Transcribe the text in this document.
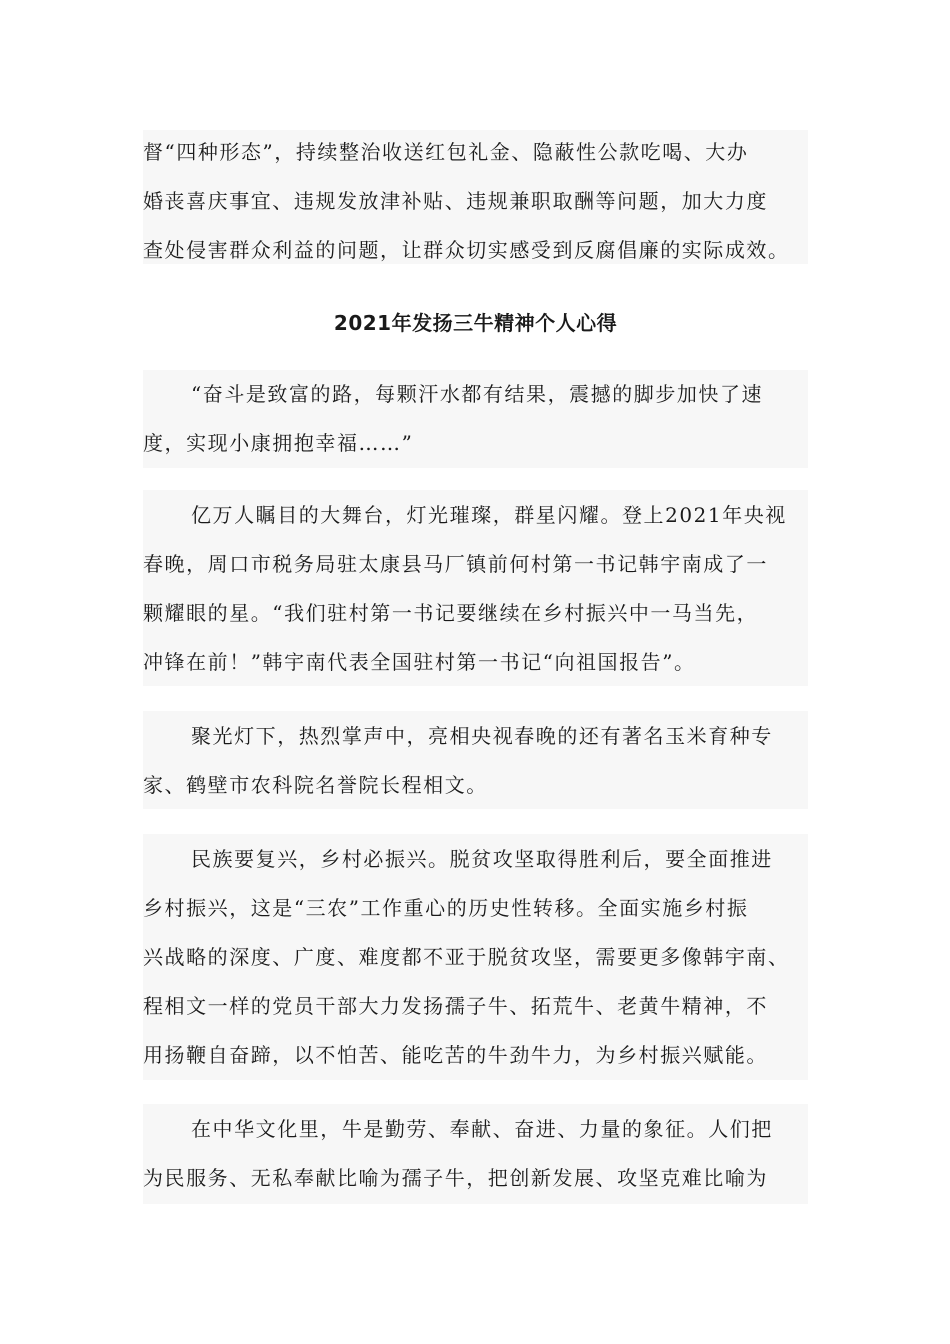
督“四种形态”，持续整治收送红包礼金、隐蔽性公款吃喝、大办
婚丧喜庆事宜、违规发放津补贴、违规兼职取酬等问题，加大力度
查处侵害群众利益的问题，让群众切实感受到反腐倡廉的实际成效。
2021年发扬三牛精神个人心得
“奋斗是致富的路，每颗汗水都有结果，震撼的脚步加快了速
度，实现小康拥抱幸福……”
亿万人瞩目的大舞台，灯光璀璨，群星闪耀。登上2021年央视
春晚，周口市税务局驻太康县马厂镇前何村第一书记韩宇南成了一
颗耀眼的星。“我们驻村第一书记要继续在乡村振兴中一马当先，
冲锋在前！”韩宇南代表全国驻村第一书记“向祖国报告”。
聚光灯下，热烈掌声中，亮相央视春晚的还有著名玉米育种专
家、鹤壁市农科院名誉院长程相文。
民族要复兴，乡村必振兴。脱贫攻坚取得胜利后，要全面推进
乡村振兴，这是“三农”工作重心的历史性转移。全面实施乡村振
兴战略的深度、广度、难度都不亚于脱贫攻坚，需要更多像韩宇南、
程相文一样的党员干部大力发扬孺子牛、拓荒牛、老黄牛精神，不
用扬鞭自奋蹄，以不怕苦、能吃苦的牛劲牛力，为乡村振兴赋能。
在中华文化里，牛是勤劳、奉献、奋进、力量的象征。人们把
为民服务、无私奉献比喻为孺子牛，把创新发展、攻坚克难比喻为
